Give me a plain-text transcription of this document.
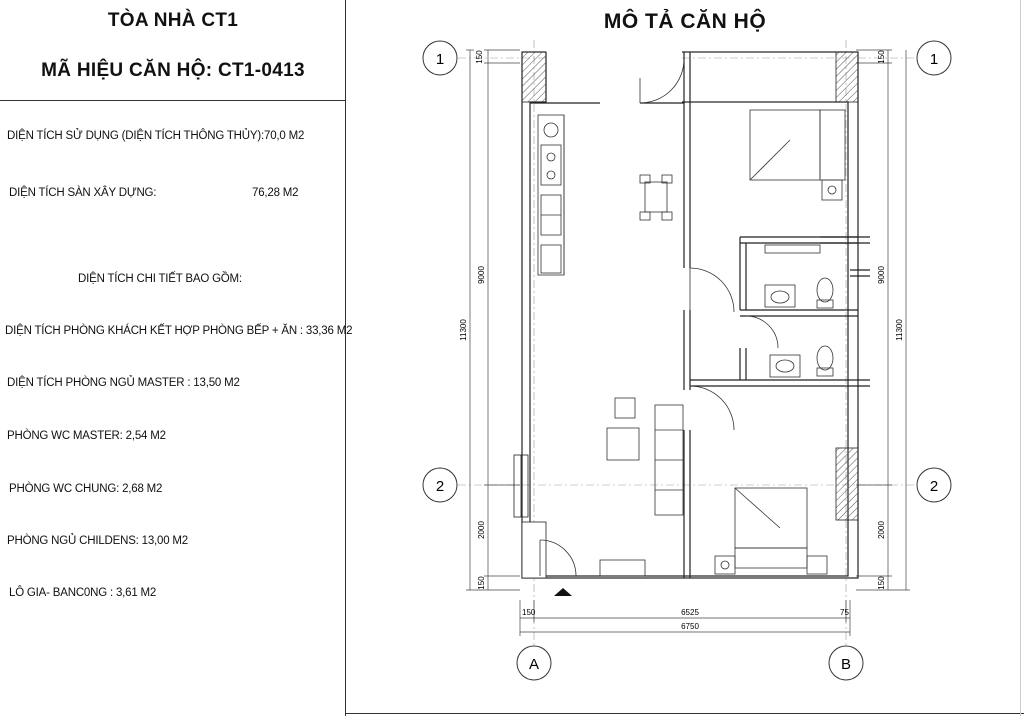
TÒA NHÀ CT1
MÃ HIỆU CĂN HỘ: CT1-0413
DIỆN TÍCH SỬ DỤNG (DIỆN TÍCH THÔNG THỦY): 70,0 M2
DIỆN TÍCH SÀN XÂY DỰNG:	76,28 M2
DIỆN TÍCH CHI TIẾT BAO GỒM:
DIỆN TÍCH PHÒNG KHÁCH KẾT HỢP PHÒNG BẾP + ĂN : 33,36 M2
DIỆN TÍCH PHÒNG NGỦ MASTER : 13,50 M2
PHÒNG WC MASTER: 2,54 M2
PHÒNG WC CHUNG: 2,68 M2
PHÒNG NGỦ CHILDENS: 13,00 M2
LÔ GIA- BANC0NG : 3,61 M2
MÔ TẢ CĂN HỘ
1	1
2	2
A	B
150
9000
2000
150
11300
150
9000
2000
150
11300
150	6525	75
6750
